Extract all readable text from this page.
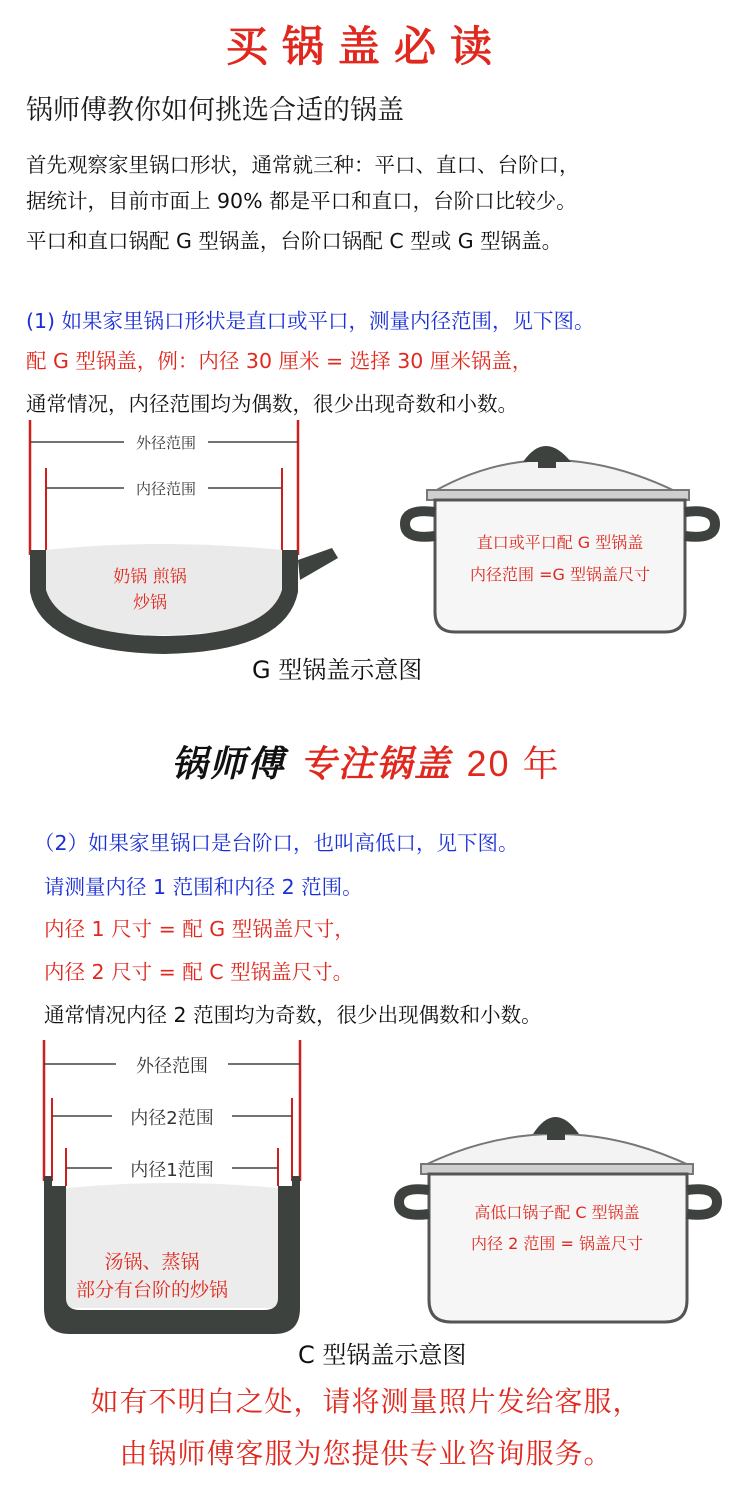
买锅盖必读
锅师傅教你如何挑选合适的锅盖
首先观察家里锅口形状，通常就三种：平口、直口、台阶口，
据统计，目前市面上 90% 都是平口和直口，台阶口比较少。
平口和直口锅配 G 型锅盖，台阶口锅配 C 型或 G 型锅盖。
(1) 如果家里锅口形状是直口或平口，测量内径范围，见下图。
配 G 型锅盖，例：内径 30 厘米 = 选择 30 厘米锅盖，
通常情况，内径范围均为偶数，很少出现奇数和小数。
外径范围
内径范围
奶锅 煎锅
炒锅
直口或平口配 G 型锅盖
内径范围 =G 型锅盖尺寸
G 型锅盖示意图
锅师傅 专注锅盖 20 年
（2）如果家里锅口是台阶口，也叫高低口，见下图。
请测量内径 1 范围和内径 2 范围。
内径 1 尺寸 = 配 G 型锅盖尺寸，
内径 2 尺寸 = 配 C 型锅盖尺寸。
通常情况内径 2 范围均为奇数，很少出现偶数和小数。
外径范围
内径2范围
内径1范围
汤锅、蒸锅
部分有台阶的炒锅
高低口锅子配 C 型锅盖
内径 2 范围 = 锅盖尺寸
C 型锅盖示意图
如有不明白之处，请将测量照片发给客服，
由锅师傅客服为您提供专业咨询服务。
